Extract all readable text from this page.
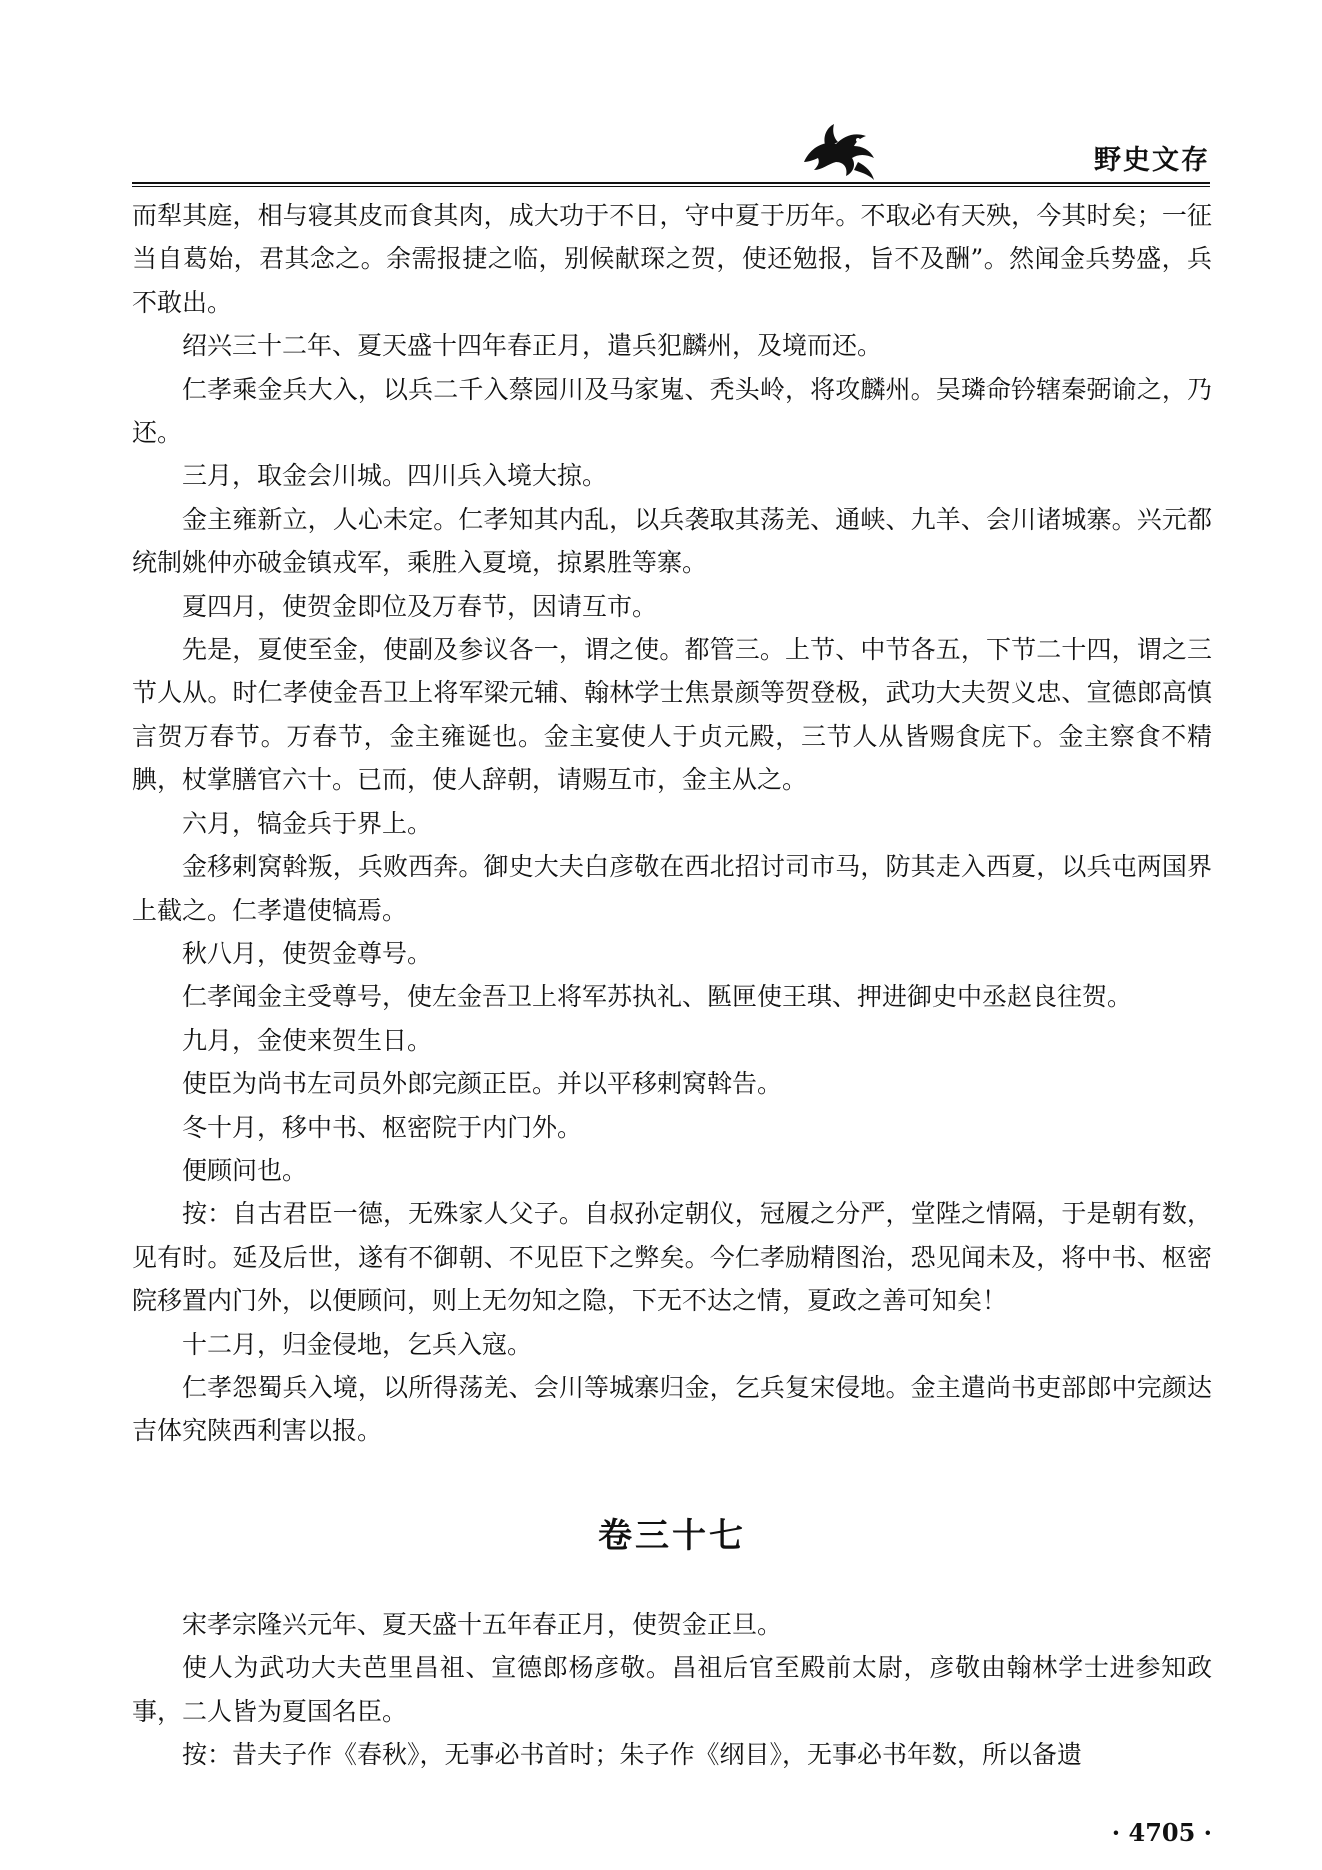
野史文存

而犁其庭，相与寝其皮而食其肉，成大功于不日，守中夏于历年。不取必有天殃，今其时矣；一征当自葛始，君其念之。余需报捷之临，别候献琛之贺，使还勉报，旨不及酬”。然闻金兵势盛，兵不敢出。

绍兴三十二年、夏天盛十四年春正月，遣兵犯麟州，及境而还。

仁孝乘金兵大入，以兵二千入蔡园川及马家嵬、秃头岭，将攻麟州。吴璘命钤辖秦弼谕之，乃还。

三月，取金会川城。四川兵入境大掠。

金主雍新立，人心未定。仁孝知其内乱，以兵袭取其荡羌、通峡、九羊、会川诸城寨。兴元都统制姚仲亦破金镇戎军，乘胜入夏境，掠累胜等寨。

夏四月，使贺金即位及万春节，因请互市。

先是，夏使至金，使副及参议各一，谓之使。都管三。上节、中节各五，下节二十四，谓之三节人从。时仁孝使金吾卫上将军梁元辅、翰林学士焦景颜等贺登极，武功大夫贺义忠、宣德郎高慎言贺万春节。万春节，金主雍诞也。金主宴使人于贞元殿，三节人从皆赐食庑下。金主察食不精腆，杖掌膳官六十。已而，使人辞朝，请赐互市，金主从之。

六月，犒金兵于界上。

金移剌窝斡叛，兵败西奔。御史大夫白彦敬在西北招讨司市马，防其走入西夏，以兵屯两国界上截之。仁孝遣使犒焉。

秋八月，使贺金尊号。

仁孝闻金主受尊号，使左金吾卫上将军苏执礼、匦匣使王琪、押进御史中丞赵良往贺。

九月，金使来贺生日。

使臣为尚书左司员外郎完颜正臣。并以平移剌窝斡告。

冬十月，移中书、枢密院于内门外。

便顾问也。

按：自古君臣一德，无殊家人父子。自叔孙定朝仪，冠履之分严，堂陛之情隔，于是朝有数，见有时。延及后世，遂有不御朝、不见臣下之弊矣。今仁孝励精图治，恐见闻未及，将中书、枢密院移置内门外，以便顾问，则上无勿知之隐，下无不达之情，夏政之善可知矣！

十二月，归金侵地，乞兵入寇。

仁孝怨蜀兵入境，以所得荡羌、会川等城寨归金，乞兵复宋侵地。金主遣尚书吏部郎中完颜达吉体究陕西利害以报。

卷三十七

宋孝宗隆兴元年、夏天盛十五年春正月，使贺金正旦。

使人为武功大夫芭里昌祖、宣德郎杨彦敬。昌祖后官至殿前太尉，彦敬由翰林学士进参知政事，二人皆为夏国名臣。

按：昔夫子作《春秋》，无事必书首时；朱子作《纲目》，无事必书年数，所以备遗

· 4705 ·
